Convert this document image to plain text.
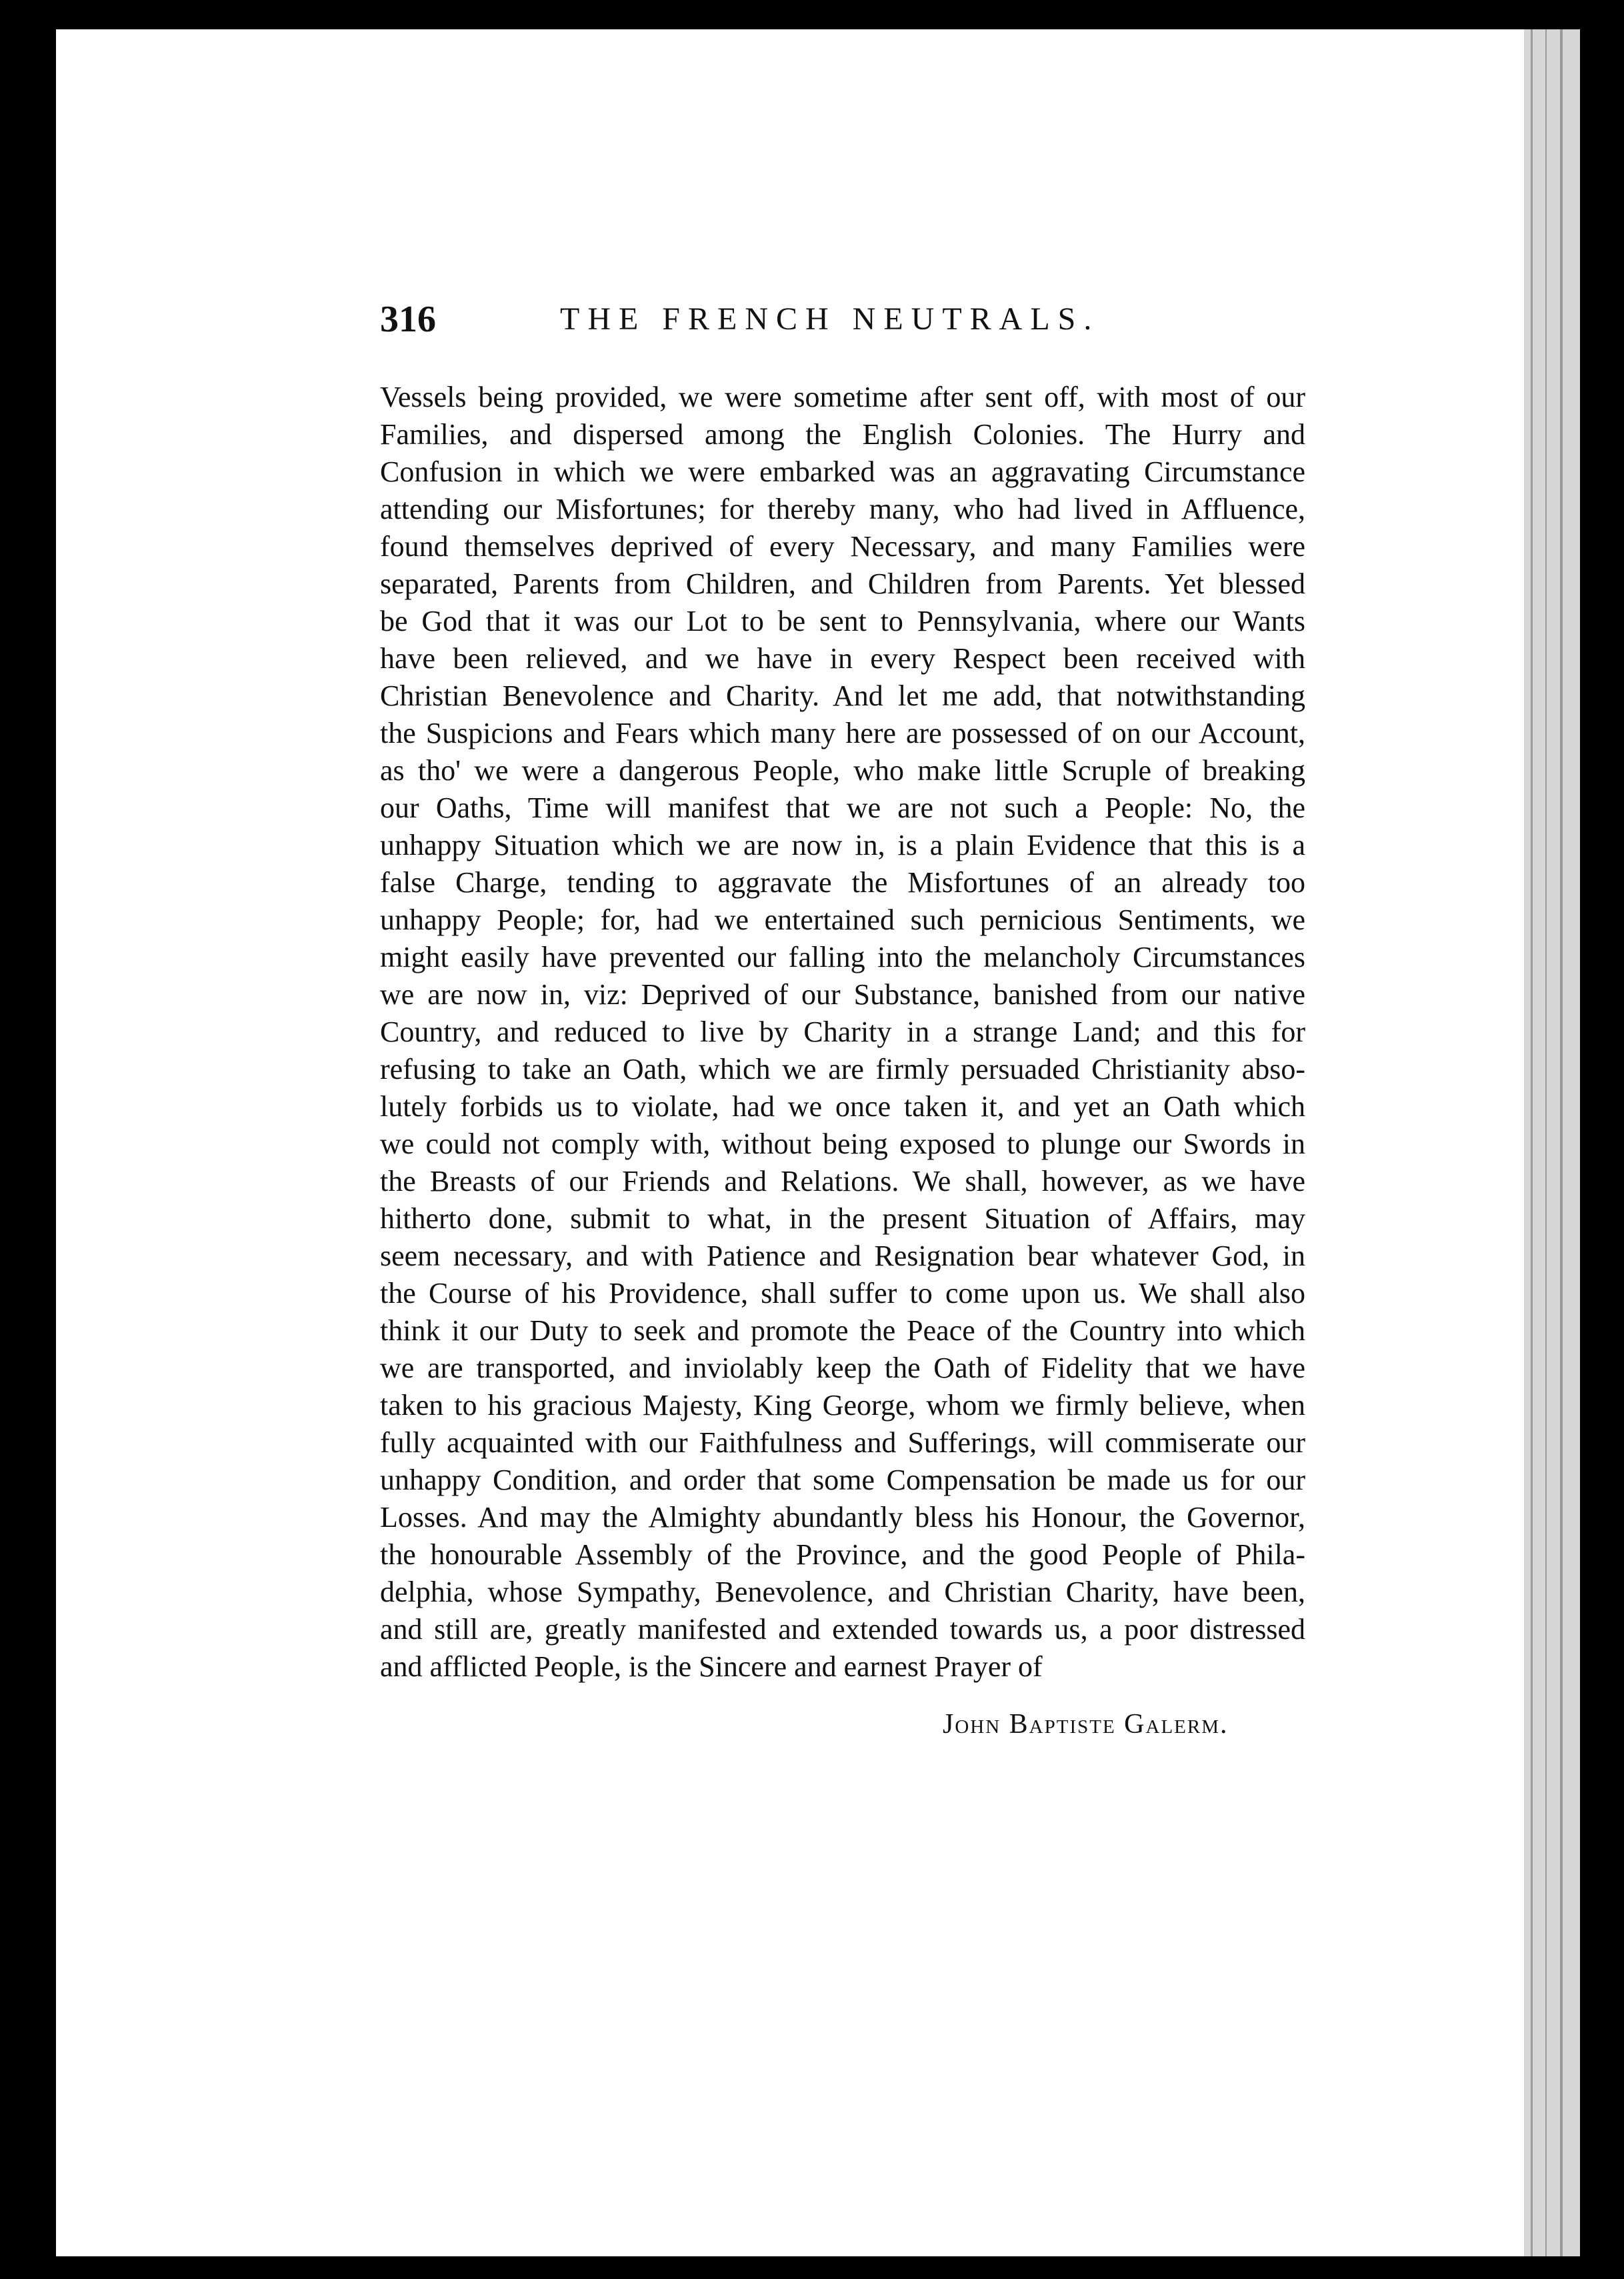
316	THE FRENCH NEUTRALS.
Vessels being provided, we were sometime after sent off, with most of our
Families, and dispersed among the English Colonies. The Hurry and
Confusion in which we were embarked was an aggravating Circumstance
attending our Misfortunes; for thereby many, who had lived in Affluence,
found themselves deprived of every Necessary, and many Families were
separated, Parents from Children, and Children from Parents. Yet blessed
be God that it was our Lot to be sent to Pennsylvania, where our Wants
have been relieved, and we have in every Respect been received with
Christian Benevolence and Charity. And let me add, that notwithstanding
the Suspicions and Fears which many here are possessed of on our Account,
as tho' we were a dangerous People, who make little Scruple of breaking
our Oaths, Time will manifest that we are not such a People: No, the
unhappy Situation which we are now in, is a plain Evidence that this is a
false Charge, tending to aggravate the Misfortunes of an already too
unhappy People; for, had we entertained such pernicious Sentiments, we
might easily have prevented our falling into the melancholy Circumstances
we are now in, viz: Deprived of our Substance, banished from our native
Country, and reduced to live by Charity in a strange Land; and this for
refusing to take an Oath, which we are firmly persuaded Christianity abso-
lutely forbids us to violate, had we once taken it, and yet an Oath which
we could not comply with, without being exposed to plunge our Swords in
the Breasts of our Friends and Relations. We shall, however, as we have
hitherto done, submit to what, in the present Situation of Affairs, may
seem necessary, and with Patience and Resignation bear whatever God, in
the Course of his Providence, shall suffer to come upon us. We shall also
think it our Duty to seek and promote the Peace of the Country into which
we are transported, and inviolably keep the Oath of Fidelity that we have
taken to his gracious Majesty, King George, whom we firmly believe, when
fully acquainted with our Faithfulness and Sufferings, will commiserate our
unhappy Condition, and order that some Compensation be made us for our
Losses. And may the Almighty abundantly bless his Honour, the Governor,
the honourable Assembly of the Province, and the good People of Phila-
delphia, whose Sympathy, Benevolence, and Christian Charity, have been,
and still are, greatly manifested and extended towards us, a poor distressed
and afflicted People, is the Sincere and earnest Prayer of
John Baptiste Galerm.
